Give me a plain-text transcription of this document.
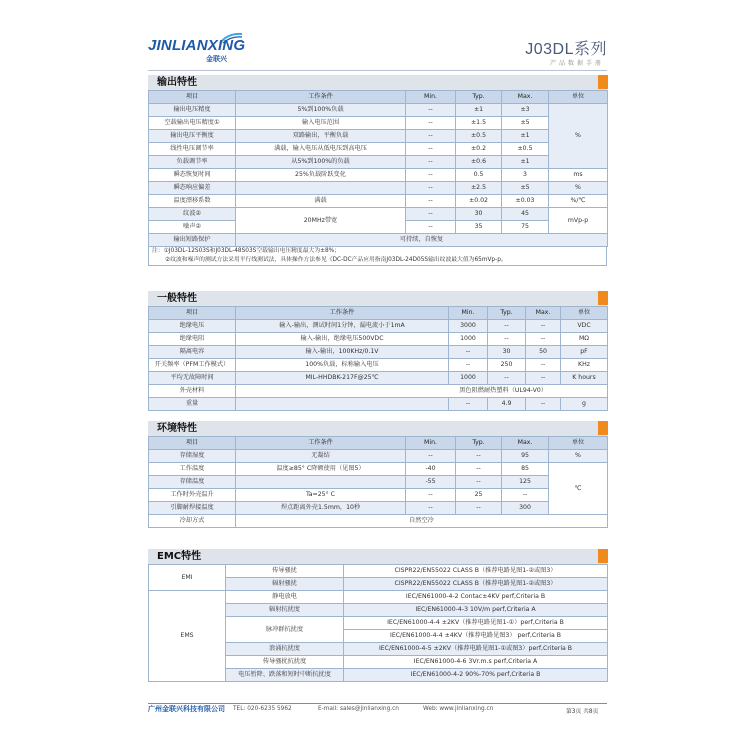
JINLIANXING
金联兴
J03DL系列
产品数据手册
输出特性
项目	工作条件	Min.	Typ.	Max.	单位
输出电压精度	5%到100%负载	--	±1	±3	%
空载输出电压精度①	输入电压范围	--	±1.5	±5	
输出电压平衡度	双路输出，平衡负载	--	±0.5	±1	
线性电压调节率	满载，输入电压从低电压到高电压	--	±0.2	±0.5	
负载调节率	从5%到100%的负载	--	±0.6	±1	
瞬态恢复时间	25%负载阶跃变化	--	0.5	3	ms
瞬态响应偏差		--	±2.5	±5	%
温度漂移系数	满载	--	±0.02	±0.03	%/℃
纹波②	20MHz带宽	--	30	45	mVp-p
噪声②		--	35	75	
输出短路保护	可持续，自恢复				
注：①J03DL-12S03S和J03DL-48S03S空载输出电压精度最大为±8%；
②纹波和噪声的测试方法采用平行线测试法，具体操作方法参见《DC-DC产品应用指南J03DL-24D05S输出纹波最大值为65mVp-p。
一般特性
项目	工作条件	Min.	Typ.	Max.	单位
绝缘电压	输入-输出，测试时间1分钟，漏电流小于1mA	3000	--	--	VDC
绝缘电阻	输入-输出，绝缘电压500VDC	1000	--	--	MΩ
隔离电容	输入-输出，100KHz/0.1V	--	30	50	pF
开关频率（PFM工作模式）	100%负载，标称输入电压	--	250	--	KHz
平均无故障时间	MIL-HHDBK-217F@25℃	1000	--	--	K hours
外壳材料	黑色阻燃耐热塑料（UL94-V0）				
重量		--	4.9	--	g
环境特性
项目	工作条件	Min.	Typ.	Max.	单位
存储湿度	无凝结	--	--	95	%
工作温度	温度≥85° C降额使用（见图5）	-40	--	85	℃
存储温度		-55	--	125	
工作时外壳温升	Ta=25° C	--	25	--	
引脚耐焊接温度	焊点距离外壳1.5mm，10秒	--	--	300	
冷却方式	自然空冷				
EMC特性
EMI	传导骚扰	CISPR22/EN55022 CLASS B（推荐电路见图1-②或图3）
	辐射骚扰	CISPR22/EN55022 CLASS B（推荐电路见图1-②或图3）
EMS	静电放电	IEC/EN61000-4-2 Contac±4KV perf,Criteria B
	辐射抗扰度	IEC/EN61000-4-3 10V/m perf,Criteria A
	脉冲群抗扰度	IEC/EN61000-4-4 ±2KV（推荐电路见图1-①）perf,Criteria B
		IEC/EN61000-4-4 ±4KV（推荐电路见图3） perf,Criteria B
	浪涌抗扰度	IEC/EN61000-4-5 ±2KV（推荐电路见图1-①或图3）perf,Criteria B
	传导骚扰抗扰度	IEC/EN61000-4-6 3Vr.m.s perf,Criteria A
	电压暂降、跌落和短时中断抗扰度	IEC/EN61000-4-2 90%-70% perf,Criteria B
广州金联兴科技有限公司 TEL: 020-6235 5962	E-mail: sales@jinlianxing.cn	Web: www.jinlianxing.cn	第3页 共8页
